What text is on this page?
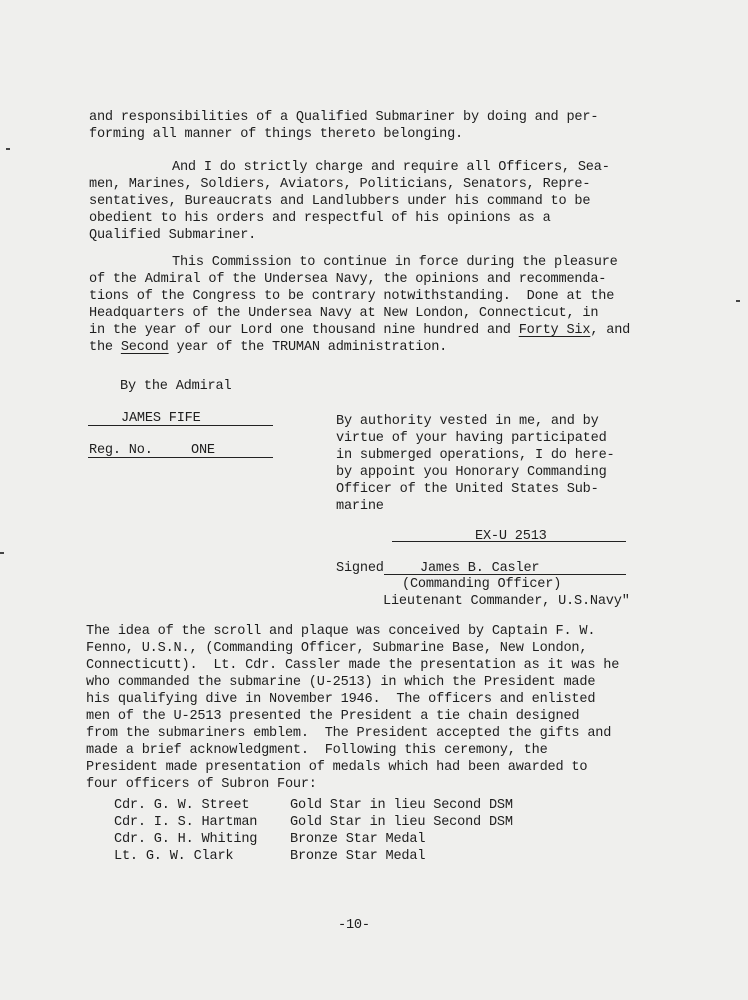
and responsibilities of a Qualified Submariner by doing and per-
forming all manner of things thereto belonging.
And I do strictly charge and require all Officers, Sea-
men, Marines, Soldiers, Aviators, Politicians, Senators, Repre-
sentatives, Bureaucrats and Landlubbers under his command to be
obedient to his orders and respectful of his opinions as a
Qualified Submariner.
This Commission to continue in force during the pleasure
of the Admiral of the Undersea Navy, the opinions and recommenda-
tions of the Congress to be contrary notwithstanding.  Done at the
Headquarters of the Undersea Navy at New London, Connecticut, in
in the year of our Lord one thousand nine hundred and Forty Six, and
the Second year of the TRUMAN administration.
By the Admiral
JAMES FIFE
Reg. No.	ONE
By authority vested in me, and by
virtue of your having participated
in submerged operations, I do here-
by appoint you Honorary Commanding
Officer of the United States Sub-
marine
EX-U 2513
Signed	James B. Casler
(Commanding Officer)
Lieutenant Commander, U.S.Navy"
The idea of the scroll and plaque was conceived by Captain F. W.
Fenno, U.S.N., (Commanding Officer, Submarine Base, New London,
Connecticutt).  Lt. Cdr. Cassler made the presentation as it was he
who commanded the submarine (U-2513) in which the President made
his qualifying dive in November 1946.  The officers and enlisted
men of the U-2513 presented the President a tie chain designed
from the submariners emblem.  The President accepted the gifts and
made a brief acknowledgment.  Following this ceremony, the
President made presentation of medals which had been awarded to
four officers of Subron Four:
Cdr. G. W. Street	Gold Star in lieu Second DSM
Cdr. I. S. Hartman Gold Star in lieu Second DSM
Cdr. G. H. Whiting Bronze Star Medal
Lt. G. W. Clark	Bronze Star Medal
-10-
